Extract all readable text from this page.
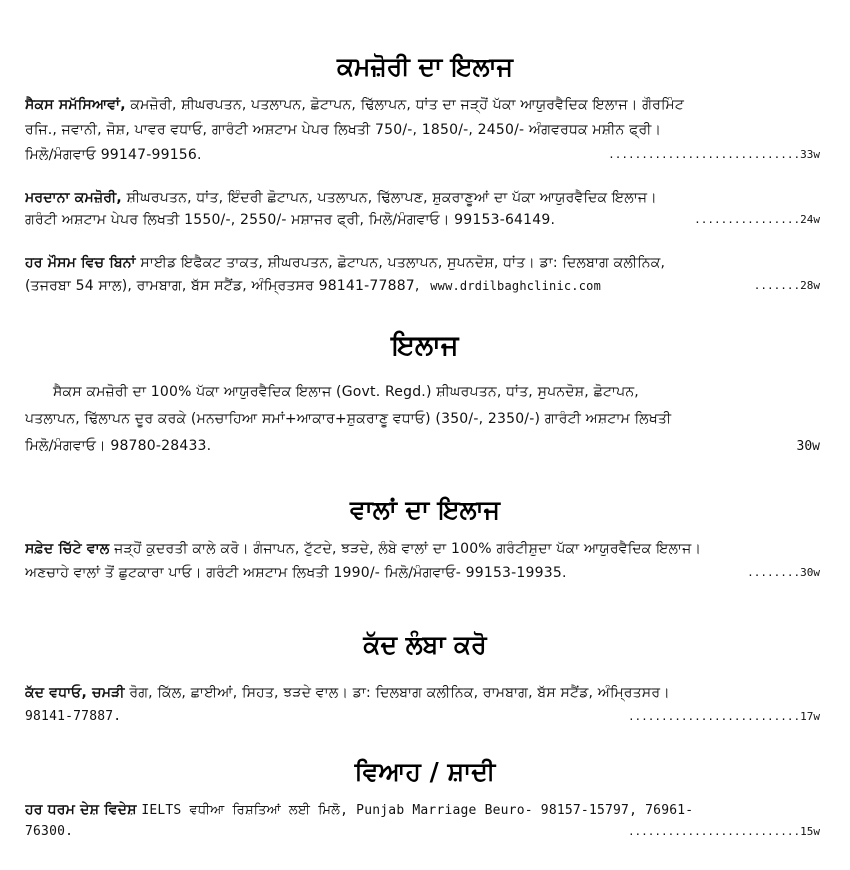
ਕਮਜ਼ੋਰੀ ਦਾ ਇਲਾਜ
ਸੈਕਸ ਸਮੱਸਿਆਵਾਂ, ਕਮਜ਼ੋਰੀ, ਸ਼ੀਘਰਪਤਨ, ਪਤਲਾਪਨ, ਛੋਟਾਪਨ, ਢਿੱਲਾਪਨ, ਧਾਂਤ ਦਾ ਜੜ੍ਹੋਂ ਪੱਕਾ ਆਯੁਰਵੈਦਿਕ ਇਲਾਜ। ਗੌਰਮਿੰਟ
ਰਜਿ., ਜਵਾਨੀ, ਜੋਸ਼, ਪਾਵਰ ਵਧਾਓ, ਗਾਰੰਟੀ ਅਸ਼ਟਾਮ ਪੇਪਰ ਲਿਖਤੀ 750/-, 1850/-, 2450/- ਅੰਗਵਰਧਕ ਮਸ਼ੀਨ ਫ੍ਰੀ।
ਮਿਲੋ/ਮੰਗਵਾਓ 99147-99156.	.............................33w
ਮਰਦਾਨਾ ਕਮਜ਼ੋਰੀ, ਸ਼ੀਘਰਪਤਨ, ਧਾਂਤ, ਇੰਦਰੀ ਛੋਟਾਪਨ, ਪਤਲਾਪਨ, ਢਿੱਲਾਪਣ, ਸ਼ੁਕਰਾਣੂਆਂ ਦਾ ਪੱਕਾ ਆਯੁਰਵੈਦਿਕ ਇਲਾਜ।
ਗਰੰਟੀ ਅਸ਼ਟਾਮ ਪੇਪਰ ਲਿਖਤੀ 1550/-, 2550/- ਮਸ਼ਾਜਰ ਫ੍ਰੀ, ਮਿਲੋ/ਮੰਗਵਾਓ। 99153-64149.	................24w
ਹਰ ਮੌਸਮ ਵਿਚ ਬਿਨਾਂ ਸਾਈਡ ਇਫੈਕਟ ਤਾਕਤ, ਸ਼ੀਘਰਪਤਨ, ਛੋਟਾਪਨ, ਪਤਲਾਪਨ, ਸੁਪਨਦੋਸ਼, ਧਾਂਤ। ਡਾ: ਦਿਲਬਾਗ ਕਲੀਨਿਕ,
(ਤਜਰਬਾ 54 ਸਾਲ), ਰਾਮਬਾਗ, ਬੱਸ ਸਟੈਂਡ, ਅੰਮ੍ਰਿਤਸਰ 98141-77887, www.drdilbaghclinic.com	.......28w
ਇਲਾਜ
ਸੈਕਸ ਕਮਜ਼ੋਰੀ ਦਾ 100% ਪੱਕਾ ਆਯੁਰਵੈਦਿਕ ਇਲਾਜ (Govt. Regd.) ਸ਼ੀਘਰਪਤਨ, ਧਾਂਤ, ਸੁਪਨਦੋਸ਼, ਛੋਟਾਪਨ,
ਪਤਲਾਪਨ, ਢਿੱਲਾਪਨ ਦੂਰ ਕਰਕੇ (ਮਨਚਾਹਿਆ ਸਮਾਂ+ਆਕਾਰ+ਸ਼ੁਕਰਾਣੂ ਵਧਾਓ) (350/-, 2350/-) ਗਾਰੰਟੀ ਅਸ਼ਟਾਮ ਲਿਖਤੀ
ਮਿਲੋ/ਮੰਗਵਾਓ। 98780-28433.	30w
ਵਾਲਾਂ ਦਾ ਇਲਾਜ
ਸਫ਼ੇਦ ਚਿੱਟੇ ਵਾਲ ਜੜ੍ਹੋਂ ਕੁਦਰਤੀ ਕਾਲੇ ਕਰੋ। ਗੰਜਾਪਨ, ਟੁੱਟਦੇ, ਝੜਦੇ, ਲੰਬੇ ਵਾਲਾਂ ਦਾ 100% ਗਰੰਟੀਸ਼ੁਦਾ ਪੱਕਾ ਆਯੁਰਵੈਦਿਕ ਇਲਾਜ।
ਅਣਚਾਹੇ ਵਾਲਾਂ ਤੋਂ ਛੁਟਕਾਰਾ ਪਾਓ। ਗਰੰਟੀ ਅਸ਼ਟਾਮ ਲਿਖਤੀ 1990/- ਮਿਲੋ/ਮੰਗਵਾਓ- 99153-19935.	........30w
ਕੱਦ ਲੰਬਾ ਕਰੋ
ਕੱਦ ਵਧਾਓ, ਚਮੜੀ ਰੋਗ, ਕਿੱਲ, ਛਾਈਆਂ, ਸਿਹਤ, ਝੜਦੇ ਵਾਲ। ਡਾ: ਦਿਲਬਾਗ ਕਲੀਨਿਕ, ਰਾਮਬਾਗ, ਬੱਸ ਸਟੈਂਡ, ਅੰਮ੍ਰਿਤਸਰ।
98141-77887.	..........................17w
ਵਿਆਹ / ਸ਼ਾਦੀ
ਹਰ ਧਰਮ ਦੇਸ਼ ਵਿਦੇਸ਼ IELTS ਵਧੀਆ ਰਿਸ਼ਤਿਆਂ ਲਈ ਮਿਲੋ, Punjab Marriage Beuro- 98157-15797, 76961-
76300.	..........................15w
